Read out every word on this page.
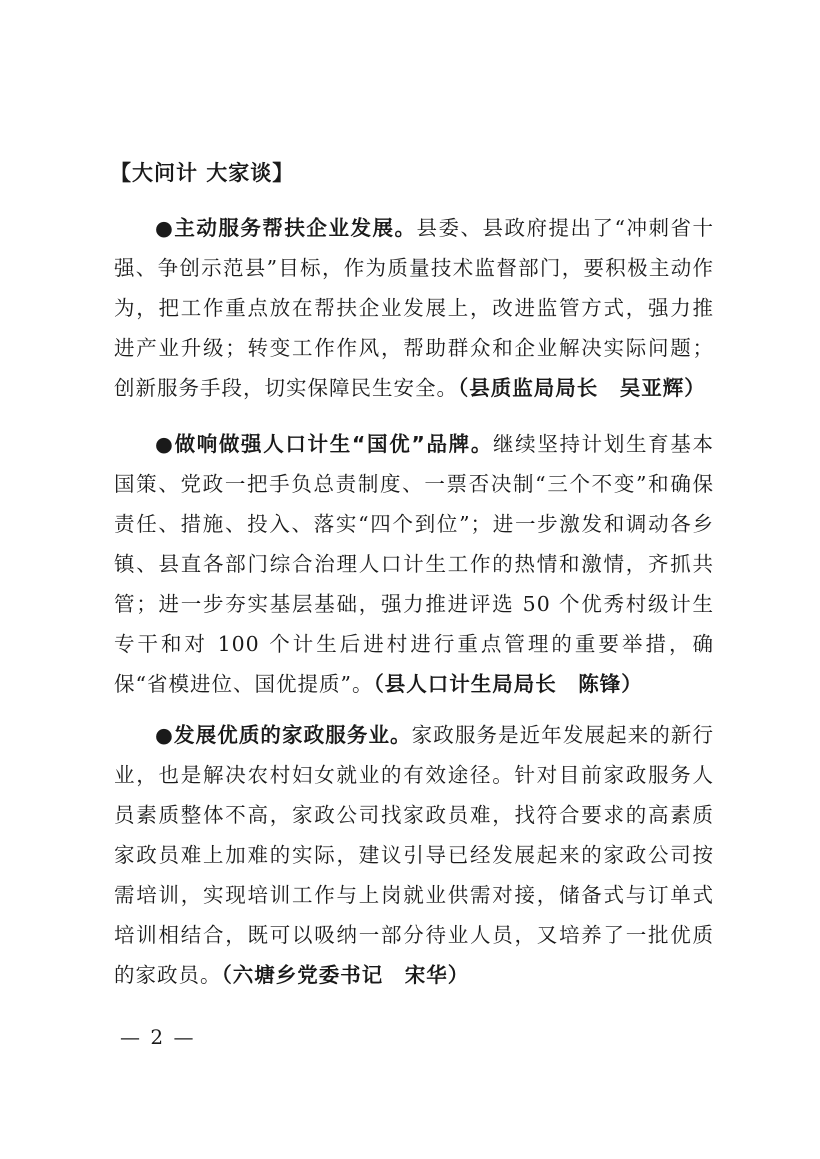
【大问计 大家谈】
●主动服务帮扶企业发展。县委、县政府提出了“冲刺省十强、争创示范县”目标，作为质量技术监督部门，要积极主动作为，把工作重点放在帮扶企业发展上，改进监管方式，强力推进产业升级；转变工作作风，帮助群众和企业解决实际问题；创新服务手段，切实保障民生安全。（县质监局局长　吴亚辉）
●做响做强人口计生“国优”品牌。继续坚持计划生育基本国策、党政一把手负总责制度、一票否决制“三个不变”和确保责任、措施、投入、落实“四个到位”；进一步激发和调动各乡镇、县直各部门综合治理人口计生工作的热情和激情，齐抓共管；进一步夯实基层基础，强力推进评选 50 个优秀村级计生专干和对 100 个计生后进村进行重点管理的重要举措，确保“省模进位、国优提质”。（县人口计生局局长　陈锋）
●发展优质的家政服务业。家政服务是近年发展起来的新行业，也是解决农村妇女就业的有效途径。针对目前家政服务人员素质整体不高，家政公司找家政员难，找符合要求的高素质家政员难上加难的实际，建议引导已经发展起来的家政公司按需培训，实现培训工作与上岗就业供需对接，储备式与订单式培训相结合，既可以吸纳一部分待业人员，又培养了一批优质的家政员。（六塘乡党委书记　宋华）
— 2 —
